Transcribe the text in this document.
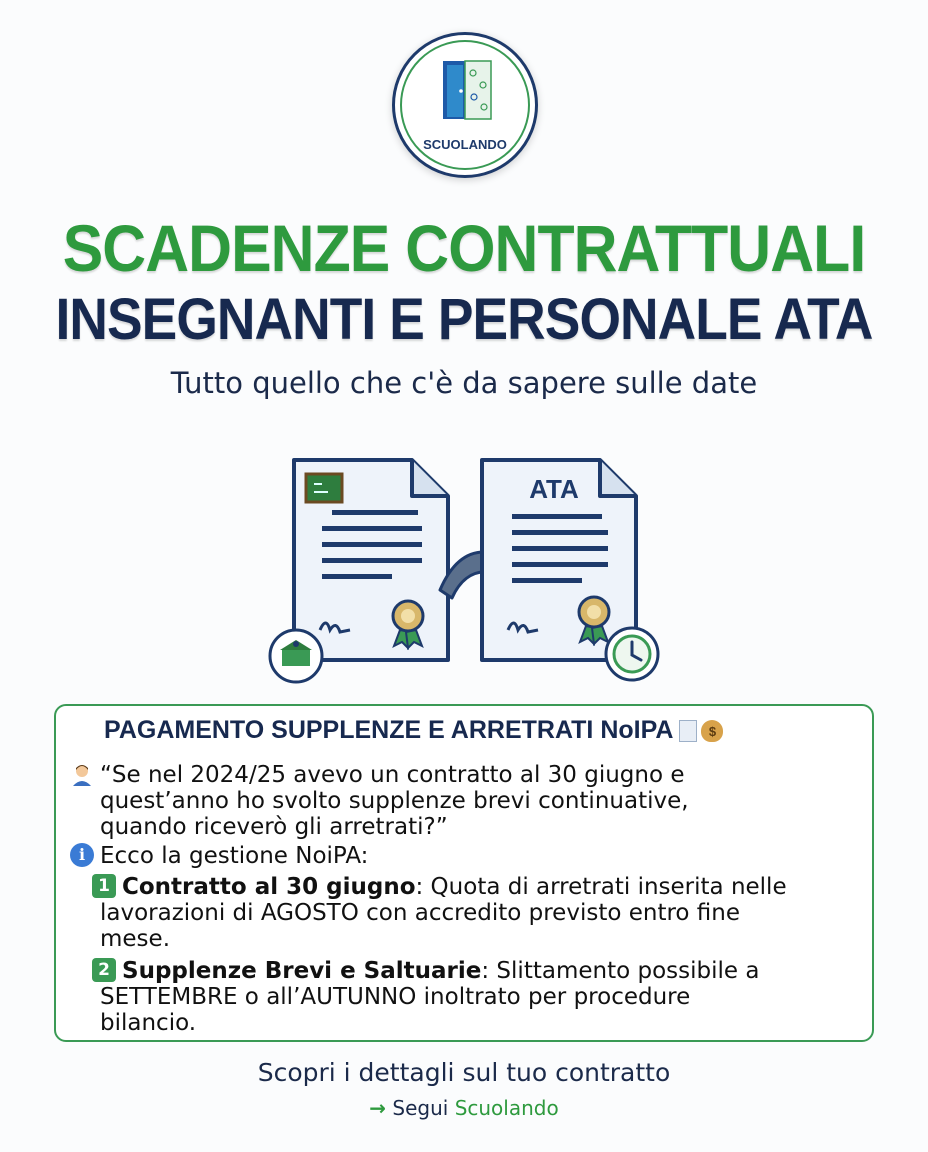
SCUOLANDO
SCADENZE CONTRATTUALI
INSEGNANTI E PERSONALE ATA
Tutto quello che c'è da sapere sulle date
ATA
PAGAMENTO SUPPLENZE E ARRETRATI NoIPA	$
“Se nel 2024/25 avevo un contratto al 30 giugno e
quest’anno ho svolto supplenze brevi continuative,
quando riceverò gli arretrati?”
i Ecco la gestione NoiPA:
1 Contratto al 30 giugno: Quota di arretrati inserita nelle
lavorazioni di AGOSTO con accredito previsto entro fine
mese.
2 Supplenze Brevi e Saltuarie: Slittamento possibile a
SETTEMBRE o all’AUTUNNO inoltrato per procedure
bilancio.
Scopri i dettagli sul tuo contratto
→ Segui Scuolando
